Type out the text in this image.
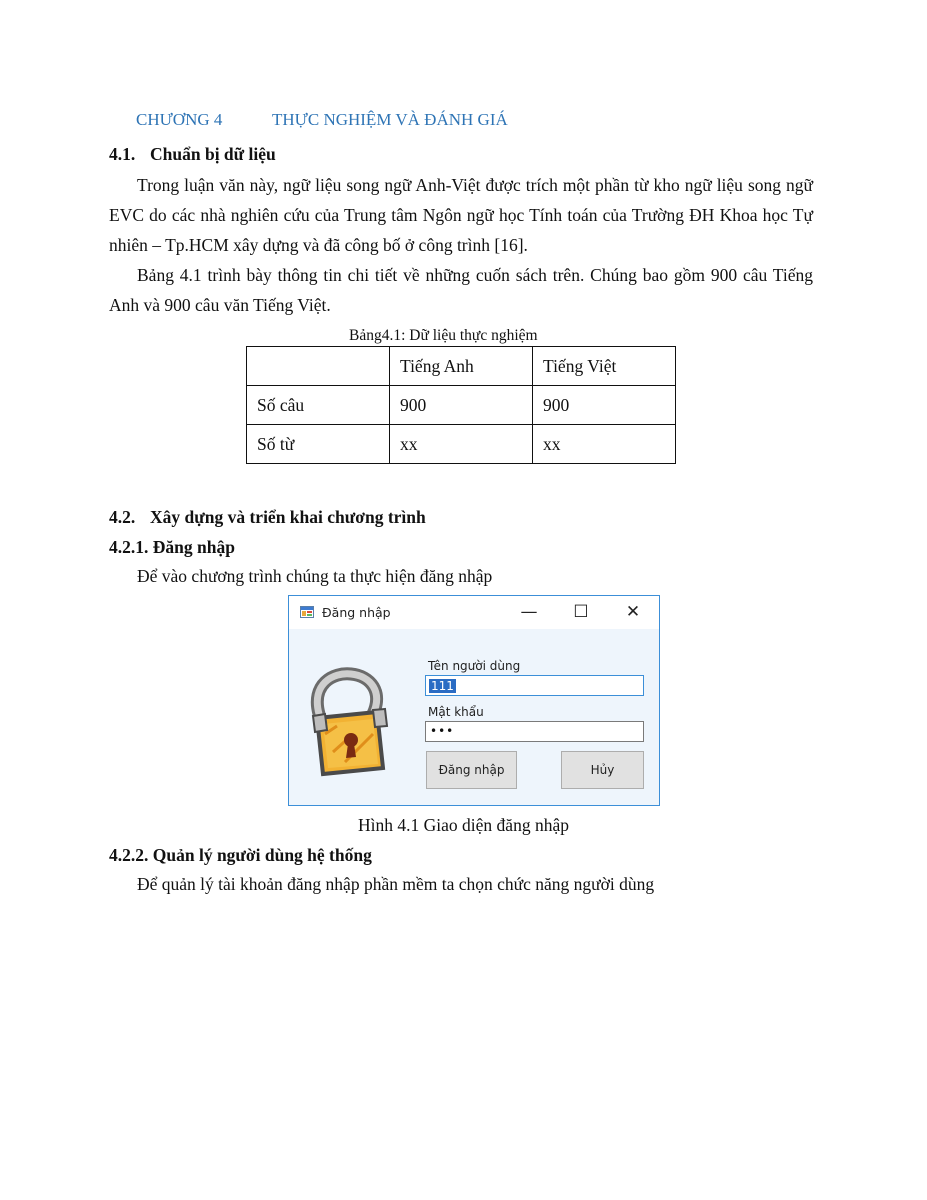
CHƯƠNG 4	THỰC NGHIỆM VÀ ĐÁNH GIÁ
4.1. Chuẩn bị dữ liệu

Trong luận văn này, ngữ liệu song ngữ Anh-Việt được trích một phần từ kho ngữ liệu song ngữ EVC do các nhà nghiên cứu của Trung tâm Ngôn ngữ học Tính toán của Trường ĐH Khoa học Tự nhiên – Tp.HCM xây dựng và đã công bố ở công trình [16].

Bảng 4.1 trình bày thông tin chi tiết về những cuốn sách trên. Chúng bao gồm 900 câu Tiếng Anh và 900 câu văn Tiếng Việt.

Bảng4.1: Dữ liệu thực nghiệm
	Tiếng Anh	Tiếng Việt
Số câu	900	900
Số từ	xx	xx
4.2. Xây dựng và triển khai chương trình
4.2.1. Đăng nhập
Để vào chương trình chúng ta thực hiện đăng nhập
Đăng nhập	—	☐	✕
Tên người dùng
111
Mật khẩu
•••
Đăng nhập	Hủy
Hình 4.1 Giao diện đăng nhập
4.2.2. Quản lý người dùng hệ thống
Để quản lý tài khoản đăng nhập phần mềm ta chọn chức năng người dùng
